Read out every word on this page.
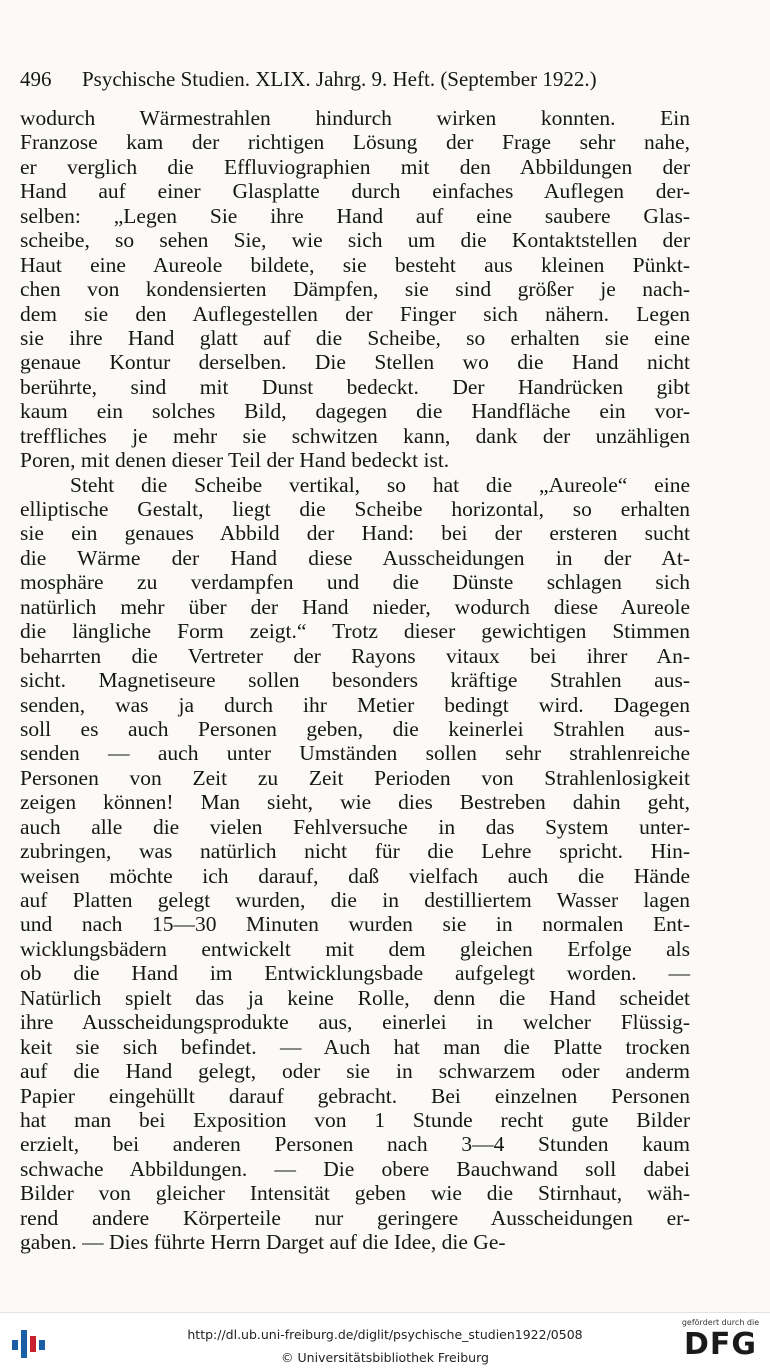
496 Psychische Studien. XLIX. Jahrg. 9. Heft. (September 1922.)
wodurch Wärmestrahlen hindurch wirken konnten. Ein
Franzose kam der richtigen Lösung der Frage sehr nahe,
er verglich die Effluviographien mit den Abbildungen der
Hand auf einer Glasplatte durch einfaches Auflegen der-
selben: „Legen Sie ihre Hand auf eine saubere Glas-
scheibe, so sehen Sie, wie sich um die Kontaktstellen der
Haut eine Aureole bildete, sie besteht aus kleinen Pünkt-
chen von kondensierten Dämpfen, sie sind größer je nach-
dem sie den Auflegestellen der Finger sich nähern. Legen
sie ihre Hand glatt auf die Scheibe, so erhalten sie eine
genaue Kontur derselben. Die Stellen wo die Hand nicht
berührte, sind mit Dunst bedeckt. Der Handrücken gibt
kaum ein solches Bild, dagegen die Handfläche ein vor-
treffliches je mehr sie schwitzen kann, dank der unzähligen
Poren, mit denen dieser Teil der Hand bedeckt ist.
Steht die Scheibe vertikal, so hat die „Aureole“ eine
elliptische Gestalt, liegt die Scheibe horizontal, so erhalten
sie ein genaues Abbild der Hand: bei der ersteren sucht
die Wärme der Hand diese Ausscheidungen in der At-
mosphäre zu verdampfen und die Dünste schlagen sich
natürlich mehr über der Hand nieder, wodurch diese Aureole
die längliche Form zeigt.“ Trotz dieser gewichtigen Stimmen
beharrten die Vertreter der Rayons vitaux bei ihrer An-
sicht. Magnetiseure sollen besonders kräftige Strahlen aus-
senden, was ja durch ihr Metier bedingt wird. Dagegen
soll es auch Personen geben, die keinerlei Strahlen aus-
senden — auch unter Umständen sollen sehr strahlenreiche
Personen von Zeit zu Zeit Perioden von Strahlenlosigkeit
zeigen können! Man sieht, wie dies Bestreben dahin geht,
auch alle die vielen Fehlversuche in das System unter-
zubringen, was natürlich nicht für die Lehre spricht. Hin-
weisen möchte ich darauf, daß vielfach auch die Hände
auf Platten gelegt wurden, die in destilliertem Wasser lagen
und nach 15—30 Minuten wurden sie in normalen Ent-
wicklungsbädern entwickelt mit dem gleichen Erfolge als
ob die Hand im Entwicklungsbade aufgelegt worden. —
Natürlich spielt das ja keine Rolle, denn die Hand scheidet
ihre Ausscheidungsprodukte aus, einerlei in welcher Flüssig-
keit sie sich befindet. — Auch hat man die Platte trocken
auf die Hand gelegt, oder sie in schwarzem oder anderm
Papier eingehüllt darauf gebracht. Bei einzelnen Personen
hat man bei Exposition von 1 Stunde recht gute Bilder
erzielt, bei anderen Personen nach 3—4 Stunden kaum
schwache Abbildungen. — Die obere Bauchwand soll dabei
Bilder von gleicher Intensität geben wie die Stirnhaut, wäh-
rend andere Körperteile nur geringere Ausscheidungen er-
gaben. — Dies führte Herrn Darget auf die Idee, die Ge-
http://dl.ub.uni-freiburg.de/diglit/psychische_studien1922/0508
© Universitätsbibliothek Freiburg
gefördert durch die
DFG
